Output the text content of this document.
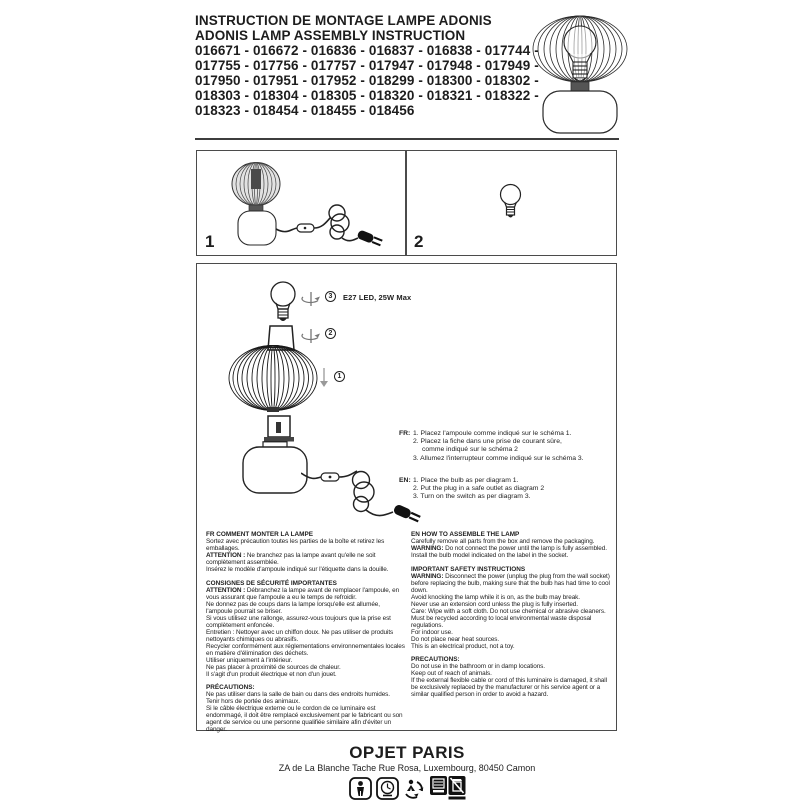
INSTRUCTION DE MONTAGE LAMPE ADONIS
ADONIS LAMP ASSEMBLY INSTRUCTION
016671 - 016672 - 016836 - 016837 - 016838 - 017744 - 017755 - 017756 - 017757 - 017947 - 017948 - 017949 - 017950 - 017951 - 017952 - 018299 - 018300 - 018302 - 018303 - 018304 - 018305 - 018320 - 018321 - 018322 - 018323 - 018454 - 018455 - 018456
1	2
3	E27 LED, 25W Max
2
1
FR: 1. Placez l'ampoule comme indiqué sur le schéma 1.
2. Placez la fiche dans une prise de courant sûre,
comme indiqué sur le schéma 2
3. Allumez l'interrupteur comme indiqué sur le schéma 3.
EN: 1. Place the bulb as per diagram 1.
2. Put the plug in a safe outlet as diagram 2
3. Turn on the switch as per diagram 3.

FR COMMENT MONTER LA LAMPE

Sortez avec précaution toutes les parties de la boîte et retirez les emballages.

ATTENTION : Ne branchez pas la lampe avant qu'elle ne soit complètement assemblée.

Insérez le modèle d'ampoule indiqué sur l'étiquette dans la douille.

CONSIGNES DE SÉCURITÉ IMPORTANTES

ATTENTION : Débranchez la lampe avant de remplacer l'ampoule, en vous assurant que l'ampoule a eu le temps de refroidir.

Ne donnez pas de coups dans la lampe lorsqu'elle est allumée, l'ampoule pourrait se briser.

Si vous utilisez une rallonge, assurez-vous toujours que la prise est complètement enfoncée.

Entretien : Nettoyer avec un chiffon doux. Ne pas utiliser de produits nettoyants chimiques ou abrasifs.

Recycler conformément aux réglementations environnementales locales en matière d'élimination des déchets.

Utiliser uniquement à l'intérieur.

Ne pas placer à proximité de sources de chaleur.

Il s'agit d'un produit électrique et non d'un jouet.

PRÉCAUTIONS:

Ne pas utiliser dans la salle de bain ou dans des endroits humides.

Tenir hors de portée des animaux.

Si le câble électrique externe ou le cordon de ce luminaire est endommagé, il doit être remplacé exclusivement par le fabricant ou son agent de service ou une personne qualifiée similaire afin d'éviter un danger.

EN HOW TO ASSEMBLE THE LAMP

Carefully remove all parts from the box and remove the packaging.

WARNING: Do not connect the power until the lamp is fully assembled.

Install the bulb model indicated on the label in the socket.

IMPORTANT SAFETY INSTRUCTIONS

WARNING: Disconnect the power (unplug the plug from the wall socket) before replacing the bulb, making sure that the bulb has had time to cool down.

Avoid knocking the lamp while it is on, as the bulb may break.

Never use an extension cord unless the plug is fully inserted.

Care: Wipe with a soft cloth. Do not use chemical or abrasive cleaners.

Must be recycled according to local environmental waste disposal regulations.

For indoor use.

Do not place near heat sources.

This is an electrical product, not a toy.

PRECAUTIONS:

Do not use in the bathroom or in damp locations.

Keep out of reach of animals.

If the external flexible cable or cord of this luminaire is damaged, it shall be exclusively replaced by the manufacturer or his service agent or a similar qualified person in order to avoid a hazard.

OPJET PARIS
ZA de La Blanche Tache Rue Rosa, Luxembourg, 80450 Camon
